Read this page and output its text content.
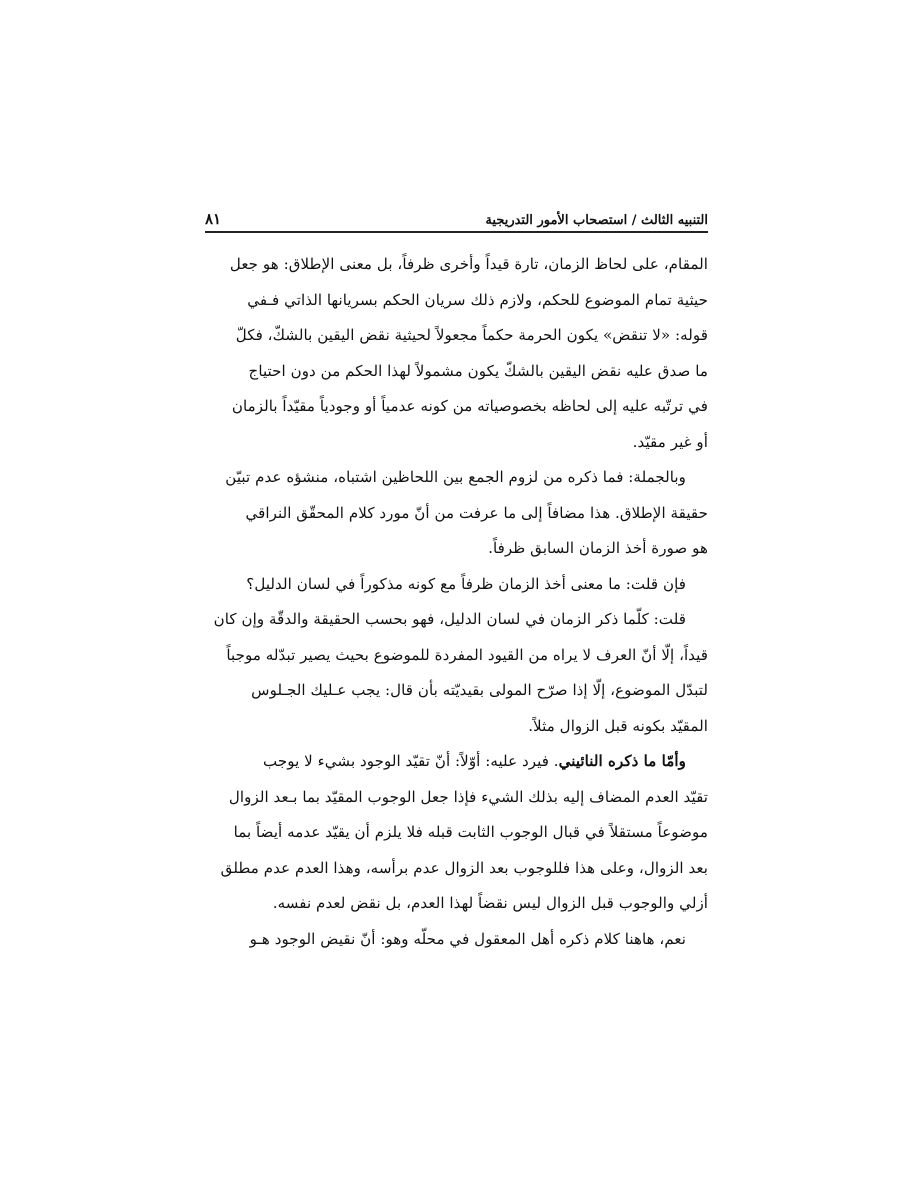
التنبيه الثالث / استصحاب الأمور التدريجية
٨١
المقام، على لحاظ الزمان، تارة قيداً وأخرى ظرفاً، بل معنى الإطلاق: هو جعل
حيثية تمام الموضوع للحكم، ولازم ذلك سريان الحكم بسريانها الذاتي فـفي
قوله: «لا تنقض» يكون الحرمة حكماً مجعولاً لحيثية نقض اليقين بالشكّ، فكلّ
ما صدق عليه نقض اليقين بالشكّ يكون مشمولاً لهذا الحكم من دون احتياج
في ترتّبه عليه إلى لحاظه بخصوصياته من كونه عدمياً أو وجودياً مقيّداً بالزمان
أو غير مقيّد.
وبالجملة: فما ذكره من لزوم الجمع بين اللحاظين اشتباه، منشؤه عدم تبيّن
حقيقة الإطلاق. هذا مضافاً إلى ما عرفت من أنّ مورد كلام المحقّق النراقي
هو صورة أخذ الزمان السابق ظرفاً.
فإن قلت: ما معنى أخذ الزمان ظرفاً مع كونه مذكوراً في لسان الدليل؟
قلت: كلّما ذكر الزمان في لسان الدليل، فهو بحسب الحقيقة والدقّة وإن كان
قيداً، إلّا أنّ العرف لا يراه من القيود المفردة للموضوع بحيث يصير تبدّله موجباً
لتبدّل الموضوع، إلّا إذا صرّح المولى بقيديّته بأن قال: يجب عـليك الجـلوس
المقيّد بكونه قبل الزوال مثلاً.
وأمّا ما ذكره النائيني. فيرد عليه: أوّلاً: أنّ تقيّد الوجود بشيء لا يوجب
تقيّد العدم المضاف إليه بذلك الشيء فإذا جعل الوجوب المقيّد بما بـعد الزوال
موضوعاً مستقلاً في قبال الوجوب الثابت قبله فلا يلزم أن يقيّد عدمه أيضاً بما
بعد الزوال، وعلى هذا فللوجوب بعد الزوال عدم برأسه، وهذا العدم عدم مطلق
أزلي والوجوب قبل الزوال ليس نقضاً لهذا العدم، بل نقض لعدم نفسه.
نعم، هاهنا كلام ذكره أهل المعقول في محلّه وهو: أنّ نقيض الوجود هـو
